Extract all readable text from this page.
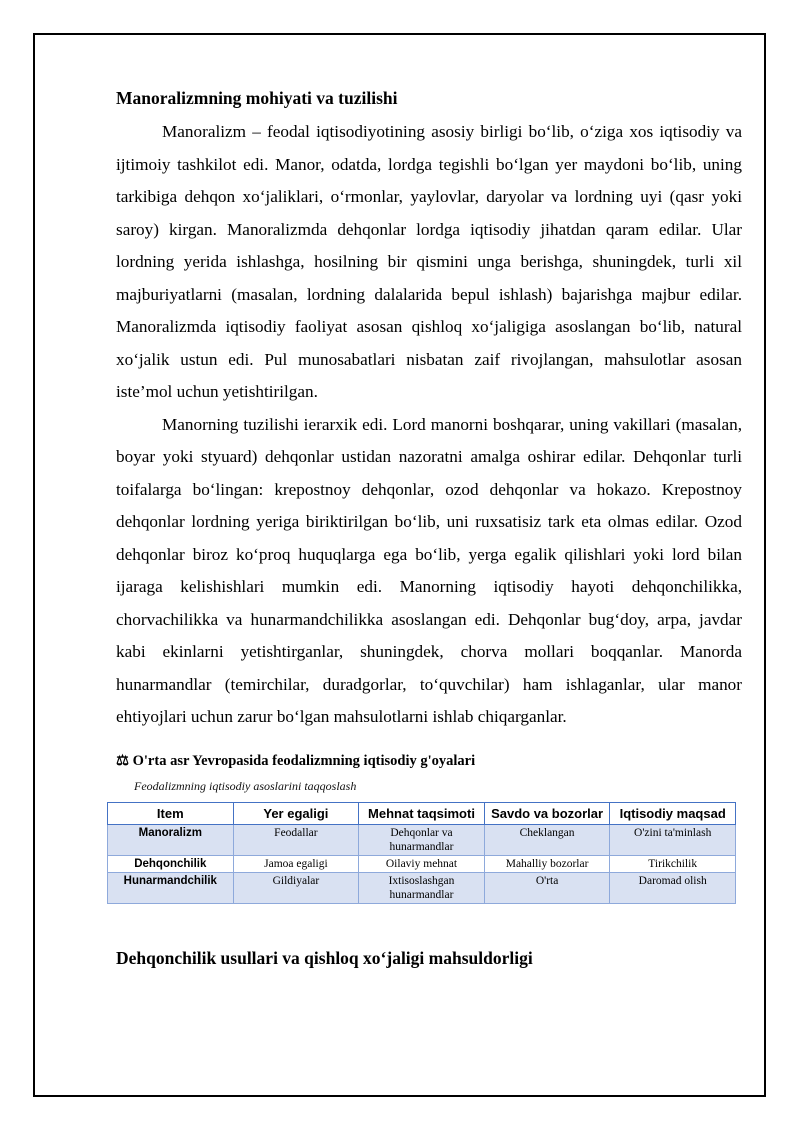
Manoralizmning mohiyati va tuzilishi

Manoralizm – feodal iqtisodiyotining asosiy birligi bo‘lib, o‘ziga xos iqtisodiy va ijtimoiy tashkilot edi. Manor, odatda, lordga tegishli bo‘lgan yer maydoni bo‘lib, uning tarkibiga dehqon xo‘jaliklari, o‘rmonlar, yaylovlar, daryolar va lordning uyi (qasr yoki saroy) kirgan. Manoralizmda dehqonlar lordga iqtisodiy jihatdan qaram edilar. Ular lordning yerida ishlashga, hosilning bir qismini unga berishga, shuningdek, turli xil majburiyatlarni (masalan, lordning dalalarida bepul ishlash) bajarishga majbur edilar. Manoralizmda iqtisodiy faoliyat asosan qishloq xo‘jaligiga asoslangan bo‘lib, natural xo‘jalik ustun edi. Pul munosabatlari nisbatan zaif rivojlangan, mahsulotlar asosan iste’mol uchun yetishtirilgan.

Manorning tuzilishi ierarxik edi. Lord manorni boshqarar, uning vakillari (masalan, boyar yoki styuard) dehqonlar ustidan nazoratni amalga oshirar edilar. Dehqonlar turli toifalarga bo‘lingan: krepostnoy dehqonlar, ozod dehqonlar va hokazo. Krepostnoy dehqonlar lordning yeriga biriktirilgan bo‘lib, uni ruxsatisiz tark eta olmas edilar. Ozod dehqonlar biroz ko‘proq huquqlarga ega bo‘lib, yerga egalik qilishlari yoki lord bilan ijaraga kelishishlari mumkin edi. Manorning iqtisodiy hayoti dehqonchilikka, chorvachilikka va hunarmandchilikka asoslangan edi. Dehqonlar bug‘doy, arpa, javdar kabi ekinlarni yetishtirganlar, shuningdek, chorva mollari boqqanlar. Manorda hunarmandlar (temirchilar, duradgorlar, to‘quvchilar) ham ishlaganlar, ular manor ehtiyojlari uchun zarur bo‘lgan mahsulotlarni ishlab chiqarganlar.

⚖ O'rta asr Yevropasida feodalizmning iqtisodiy g'oyalari
Feodalizmning iqtisodiy asoslarini taqqoslash
Item	Yer egaligi	Mehnat taqsimoti	Savdo va bozorlar	Iqtisodiy maqsad
Manoralizm	Feodallar	Dehqonlar va hunarmandlar	Cheklangan	O'zini ta'minlash
Dehqonchilik	Jamoa egaligi	Oilaviy mehnat	Mahalliy bozorlar	Tirikchilik
Hunarmandchilik	Gildiyalar	Ixtisoslashgan hunarmandlar	O'rta	Daromad olish
Dehqonchilik usullari va qishloq xo‘jaligi mahsuldorligi
